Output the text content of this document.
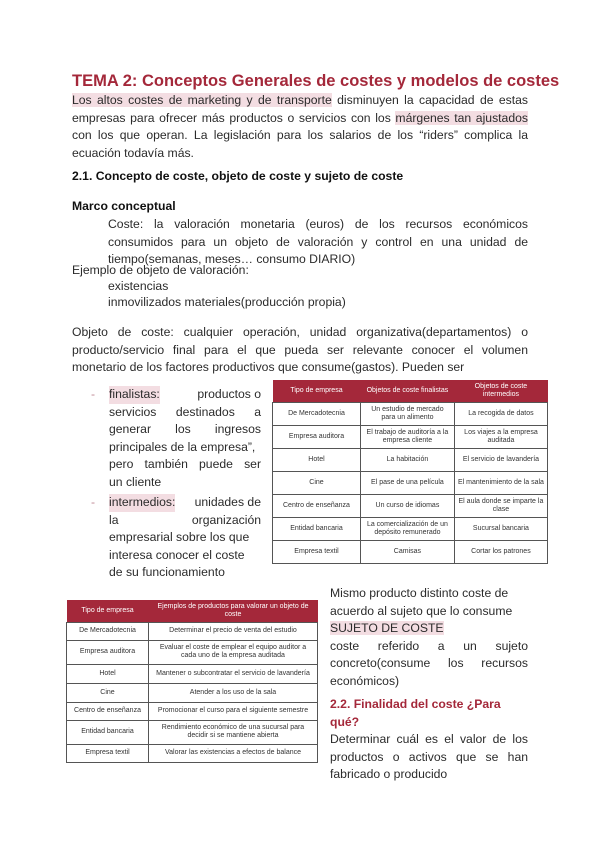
TEMA 2: Conceptos Generales de costes y modelos de costes
Los altos costes de marketing y de transporte disminuyen la capacidad de estas empresas para ofrecer más productos o servicios con los márgenes tan ajustados con los que operan. La legislación para los salarios de los “riders” complica la ecuación todavía más.
2.1. Concepto de coste, objeto de coste y sujeto de coste
Marco conceptual
Coste: la valoración monetaria (euros) de los recursos económicos consumidos para un objeto de valoración y control en una unidad de tiempo(semanas, meses… consumo DIARIO)
Ejemplo de objeto de valoración:
existencias
inmovilizados materiales(producción propia)
Objeto de coste: cualquier operación, unidad organizativa(departamentos) o producto/servicio final para el que pueda ser relevante conocer el volumen monetario de los factores productivos que consume(gastos). Pueden ser
- finalistas:	productos o
servicios destinados a
generar los ingresos
principales de la empresa”,
pero también puede ser
un cliente
- intermedios: unidades de
la organización
empresarial sobre los que
interesa conocer el coste
de su funcionamiento
Tipo de empresa	Objetos de coste finalistas	Objetos de coste intermedios
De Mercadotecnia	Un estudio de mercado para un alimento	La recogida de datos
Empresa auditora	El trabajo de auditoría a la empresa cliente	Los viajes a la empresa auditada
Hotel	La habitación	El servicio de lavandería
Cine	El pase de una película	El mantenimiento de la sala
Centro de enseñanza	Un curso de idiomas	El aula donde se imparte la clase
Entidad bancaria	La comercialización de un depósito remunerado	Sucursal bancaria
Empresa textil	Camisas	Cortar los patrones
Tipo de empresa	Ejemplos de productos para valorar un objeto de coste
De Mercadotecnia	Determinar el precio de venta del estudio
Empresa auditora	Evaluar el coste de emplear el equipo auditor a cada uno de la empresa auditada
Hotel	Mantener o subcontratar el servicio de lavandería
Cine	Atender a los uso de la sala
Centro de enseñanza	Promocionar el curso para el siguiente semestre
Entidad bancaria	Rendimiento económico de una sucursal para decidir si se mantiene abierta
Empresa textil	Valorar las existencias a efectos de balance
Mismo producto distinto coste de
acuerdo al sujeto que lo consume
SUJETO DE COSTE
coste referido a un sujeto concreto(consume los recursos económicos)
2.2. Finalidad del coste ¿Para qué?
Determinar cuál es el valor de los productos o activos que se han fabricado o producido
